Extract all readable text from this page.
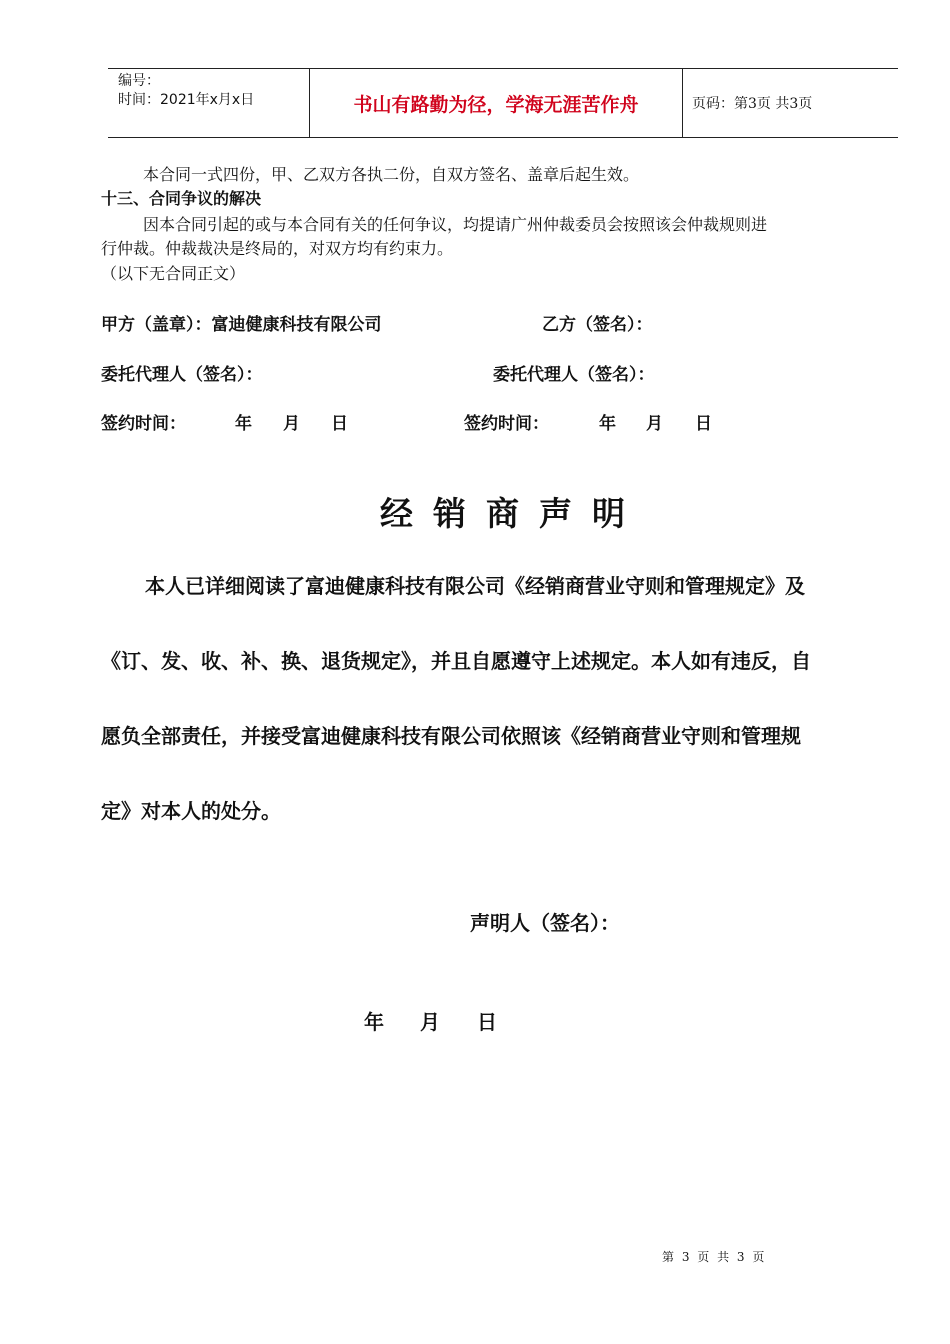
编号：
时间：2021年x月x日	书山有路勤为径，学海无涯苦作舟	页码：第3页 共3页
本合同一式四份，甲、乙双方各执二份，自双方签名、盖章后起生效。
十三、合同争议的解决
因本合同引起的或与本合同有关的任何争议，均提请广州仲裁委员会按照该会仲裁规则进
行仲裁。仲裁裁决是终局的，对双方均有约束力。
（以下无合同正文）
甲方（盖章）：富迪健康科技有限公司	乙方（签名）：
委托代理人（签名）：	委托代理人（签名）：
签约时间：	年 月 日	签约时间：	年 月 日
经销商声明
本人已详细阅读了富迪健康科技有限公司《经销商营业守则和管理规定》及
《订、发、收、补、换、退货规定》，并且自愿遵守上述规定。本人如有违反，自
愿负全部责任，并接受富迪健康科技有限公司依照该《经销商营业守则和管理规
定》对本人的处分。
声明人（签名）：
年 月 日
第 3 页 共 3 页
